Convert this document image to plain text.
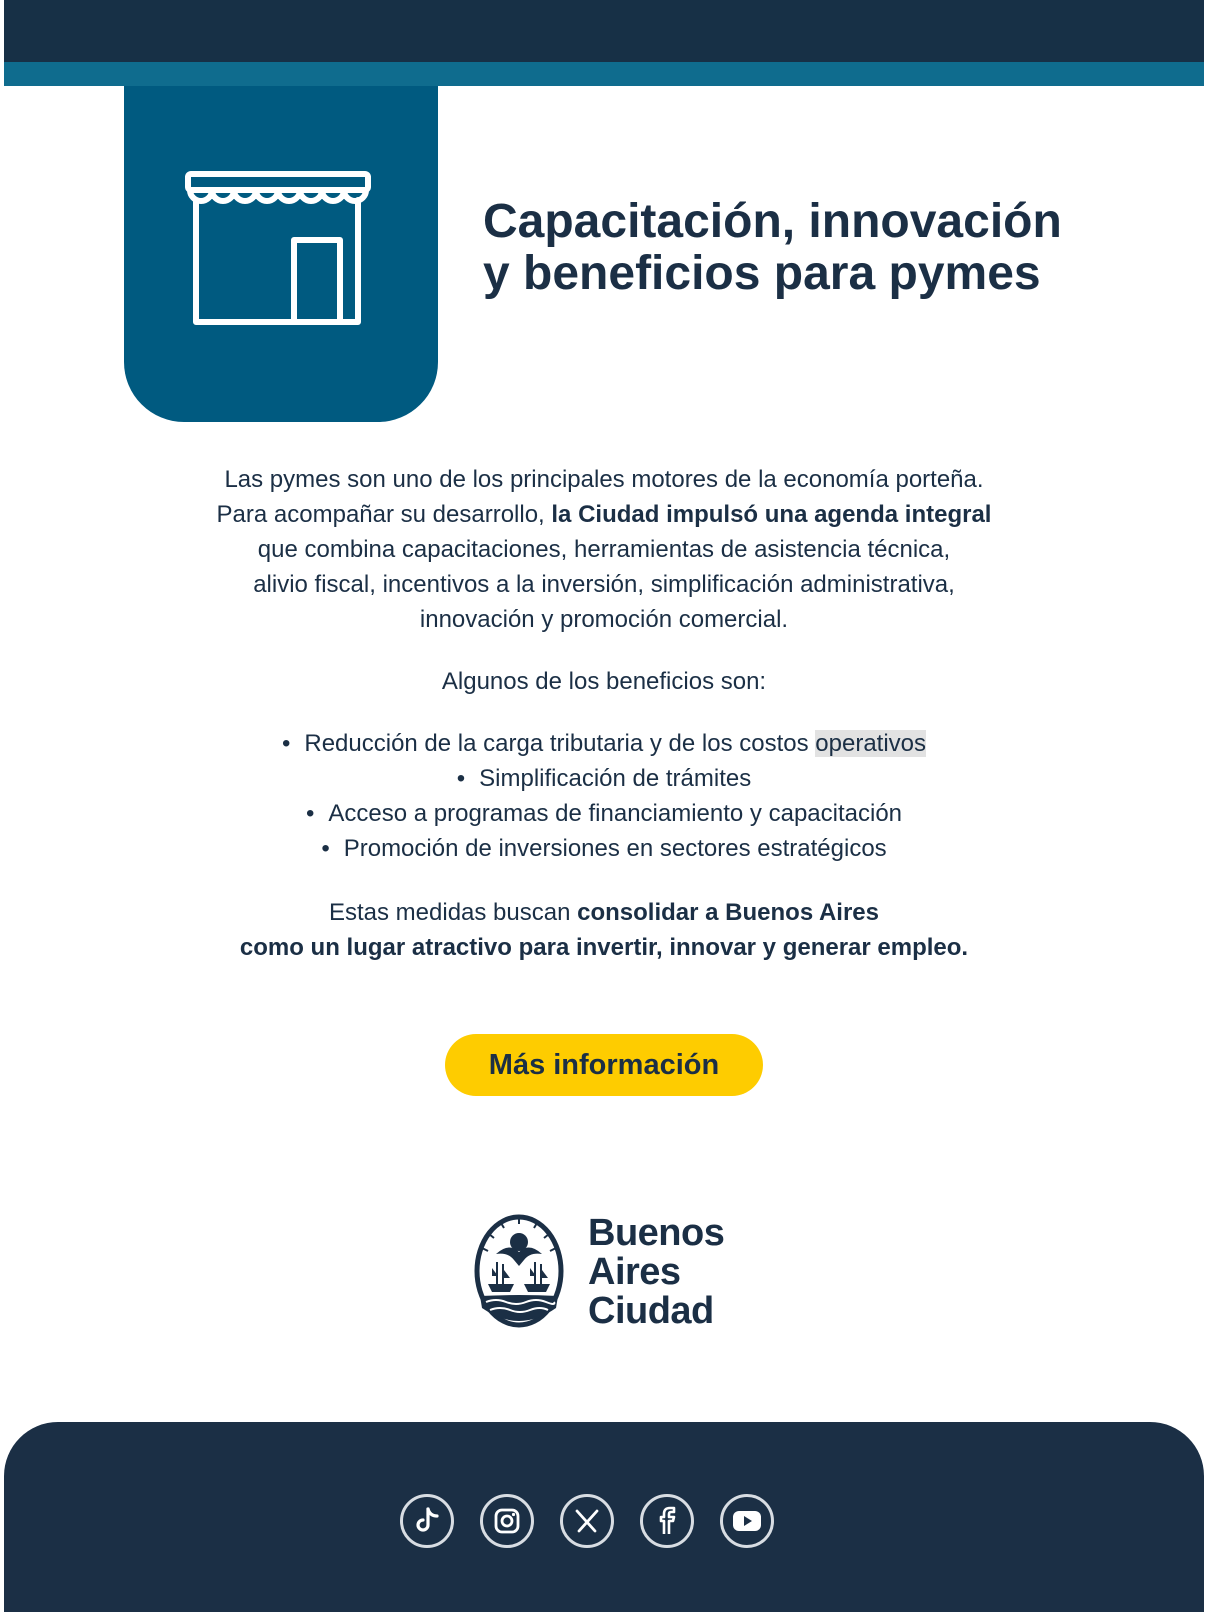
Capacitación, innovación
y beneficios para pymes

Las pymes son uno de los principales motores de la economía porteña.

Para acompañar su desarrollo, la Ciudad impulsó una agenda integral

que combina capacitaciones, herramientas de asistencia técnica,

alivio fiscal, incentivos a la inversión, simplificación administrativa,

innovación y promoción comercial.

Algunos de los beneficios son:
• Reducción de la carga tributaria y de los costos operativos
• Simplificación de trámites
• Acceso a programas de financiamiento y capacitación
• Promoción de inversiones en sectores estratégicos
Estas medidas buscan consolidar a Buenos Aires
como un lugar atractivo para invertir, innovar y generar empleo.
Más información
Buenos
Aires
Ciudad
